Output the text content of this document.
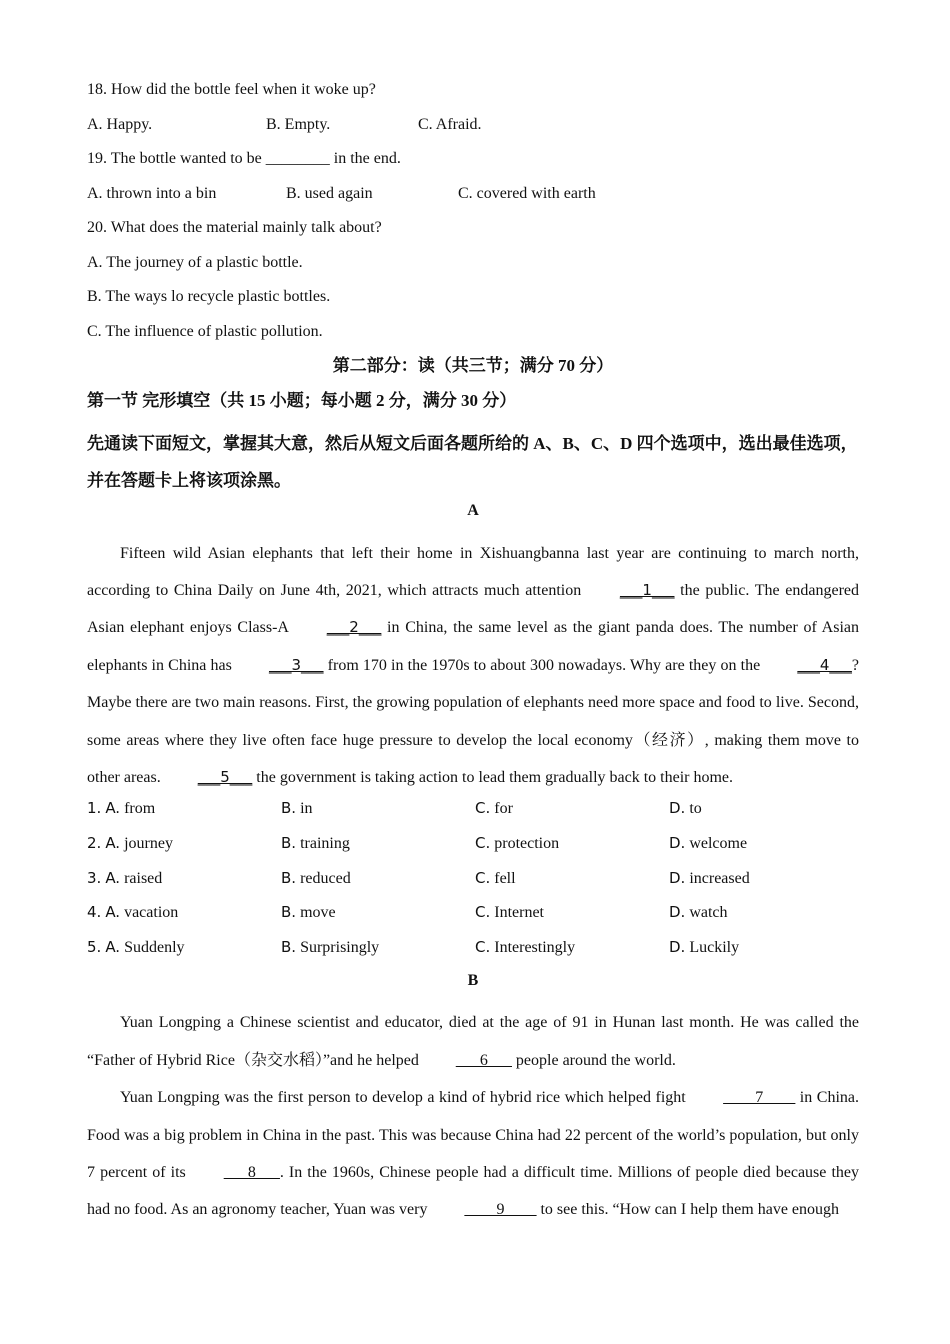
18. How did the bottle feel when it woke up?
A. Happy.	B. Empty.	C. Afraid.
19. The bottle wanted to be ________ in the end.
A. thrown into a bin	B. used again	C. covered with earth
20. What does the material mainly talk about?
A. The journey of a plastic bottle.
B. The ways lo recycle plastic bottles.
C. The influence of plastic pollution.
第二部分：读（共三节；满分 70 分）
第一节 完形填空（共 15 小题；每小题 2 分，满分 30 分）
先通读下面短文，掌握其大意，然后从短文后面各题所给的 A、B、C、D 四个选项中，选出最佳选项，并在答题卡上将该项涂黑。
A
Fifteen wild Asian elephants that left their home in Xishuangbanna last year are continuing to march north, according to China Daily on June 4th, 2021, which attracts much attention ___1___ the public. The endangered Asian elephant enjoys Class-A ___2___ in China, the same level as the giant panda does. The number of Asian elephants in China has ___3___ from 170 in the 1970s to about 300 nowadays. Why are they on the ___4___? Maybe there are two main reasons. First, the growing population of elephants need more space and food to live. Second, some areas where they live often face huge pressure to develop the local economy（经济）, making them move to other areas. ___5___ the government is taking action to lead them gradually back to their home.
1. A. from	B. in	C. for	D. to
2. A. journey	B. training	C. protection	D. welcome
3. A. raised	B. reduced	C. fell	D. increased
4. A. vacation	B. move	C. Internet	D. watch
5. A. Suddenly	B. Surprisingly	C. Interestingly	D. Luckily
B
Yuan Longping a Chinese scientist and educator, died at the age of 91 in Hunan last month. He was called the “Father of Hybrid Rice（杂交水稻）”and he helped ___6___ people around the world.
Yuan Longping was the first person to develop a kind of hybrid rice which helped fight ____7____ in China. Food was a big problem in China in the past. This was because China had 22 percent of the world’s population, but only 7 percent of its ___8___. In the 1960s, Chinese people had a difficult time. Millions of people died because they had no food. As an agronomy teacher, Yuan was very ____9____ to see this. “How can I help them have enough
